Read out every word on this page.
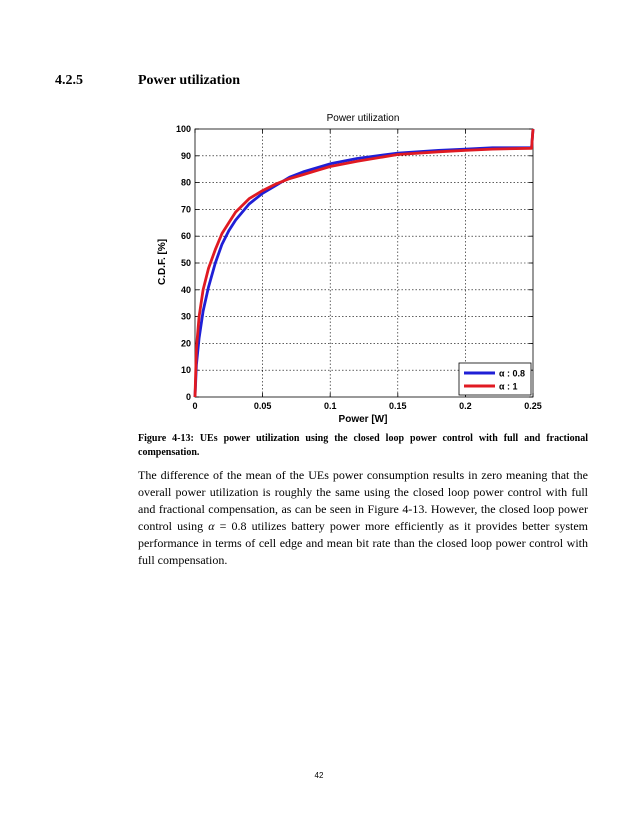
4.2.5	Power utilization
Power utilization
Power [W]
C.D.F. [%]
0	0.05	0.1	0.15	0.2	0.25
0
10
20
30
40
50
60
70
80
90
100
α : 0.8
α : 1
Figure 4-13: UEs power utilization using the closed loop power control with full and fractional compensation.
The difference of the mean of the UEs power consumption results in zero meaning that the overall power utilization is roughly the same using the closed loop power control with full and fractional compensation, as can be seen in Figure 4-13. However, the closed loop power control using α = 0.8 utilizes battery power more efficiently as it provides better system performance in terms of cell edge and mean bit rate than the closed loop power control with full compensation.
42
